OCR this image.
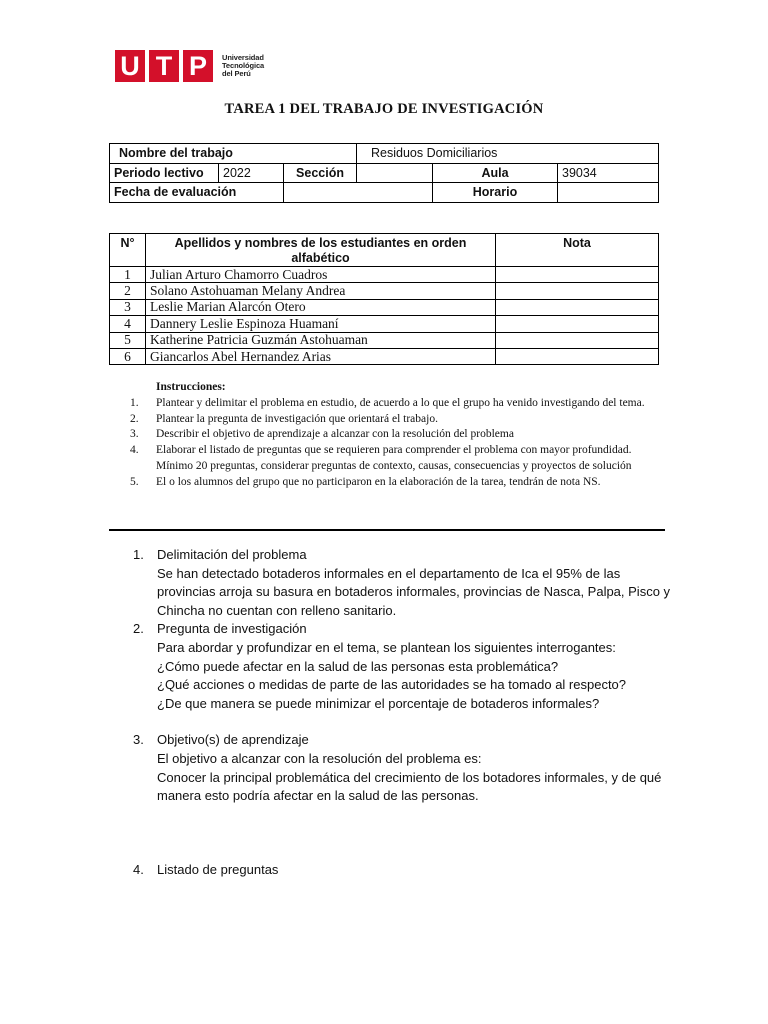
U T P	Universidad
Tecnológica
del Perú
TAREA 1 DEL TRABAJO DE INVESTIGACIÓN
Nombre del trabajo			Residuos Domiciliarios		
Periodo lectivo	2022	Sección		Aula	39034
Fecha de evaluación				Horario	
N°	Apellidos y nombres de los estudiantes en orden alfabético	Nota
1	Julian Arturo Chamorro Cuadros	
2	Solano Astohuaman Melany Andrea	
3	Leslie Marian Alarcón Otero	
4	Dannery Leslie Espinoza Huamaní	
5	Katherine Patricia Guzmán Astohuaman	
6	Giancarlos Abel Hernandez Arias	
Instrucciones:
1.	Plantear y delimitar el problema en estudio, de acuerdo a lo que el grupo ha venido investigando del tema.
2.	Plantear la pregunta de investigación que orientará el trabajo.
3.	Describir el objetivo de aprendizaje a alcanzar con la resolución del problema
4.	Elaborar el listado de preguntas que se requieren para comprender el problema con mayor profundidad. Mínimo 20 preguntas, considerar preguntas de contexto, causas, consecuencias y proyectos de solución
5.	El o los alumnos del grupo que no participaron en la elaboración de la tarea, tendrán de nota NS.
1.	Delimitación del problema
Se han detectado botaderos informales en el departamento de Ica el 95% de las provincias arroja su basura en botaderos informales, provincias de Nasca, Palpa, Pisco y Chincha no cuentan con relleno sanitario.
2.	Pregunta de investigación
Para abordar y profundizar en el tema, se plantean los siguientes interrogantes:
¿Cómo puede afectar en la salud de las personas esta problemática?
¿Qué acciones o medidas de parte de las autoridades se ha tomado al respecto?
¿De que manera se puede minimizar el porcentaje de botaderos informales?
3.	Objetivo(s) de aprendizaje
El objetivo a alcanzar con la resolución del problema es:
Conocer la principal problemática del crecimiento de los botadores informales, y de qué manera esto podría afectar en la salud de las personas.
4.	Listado de preguntas
